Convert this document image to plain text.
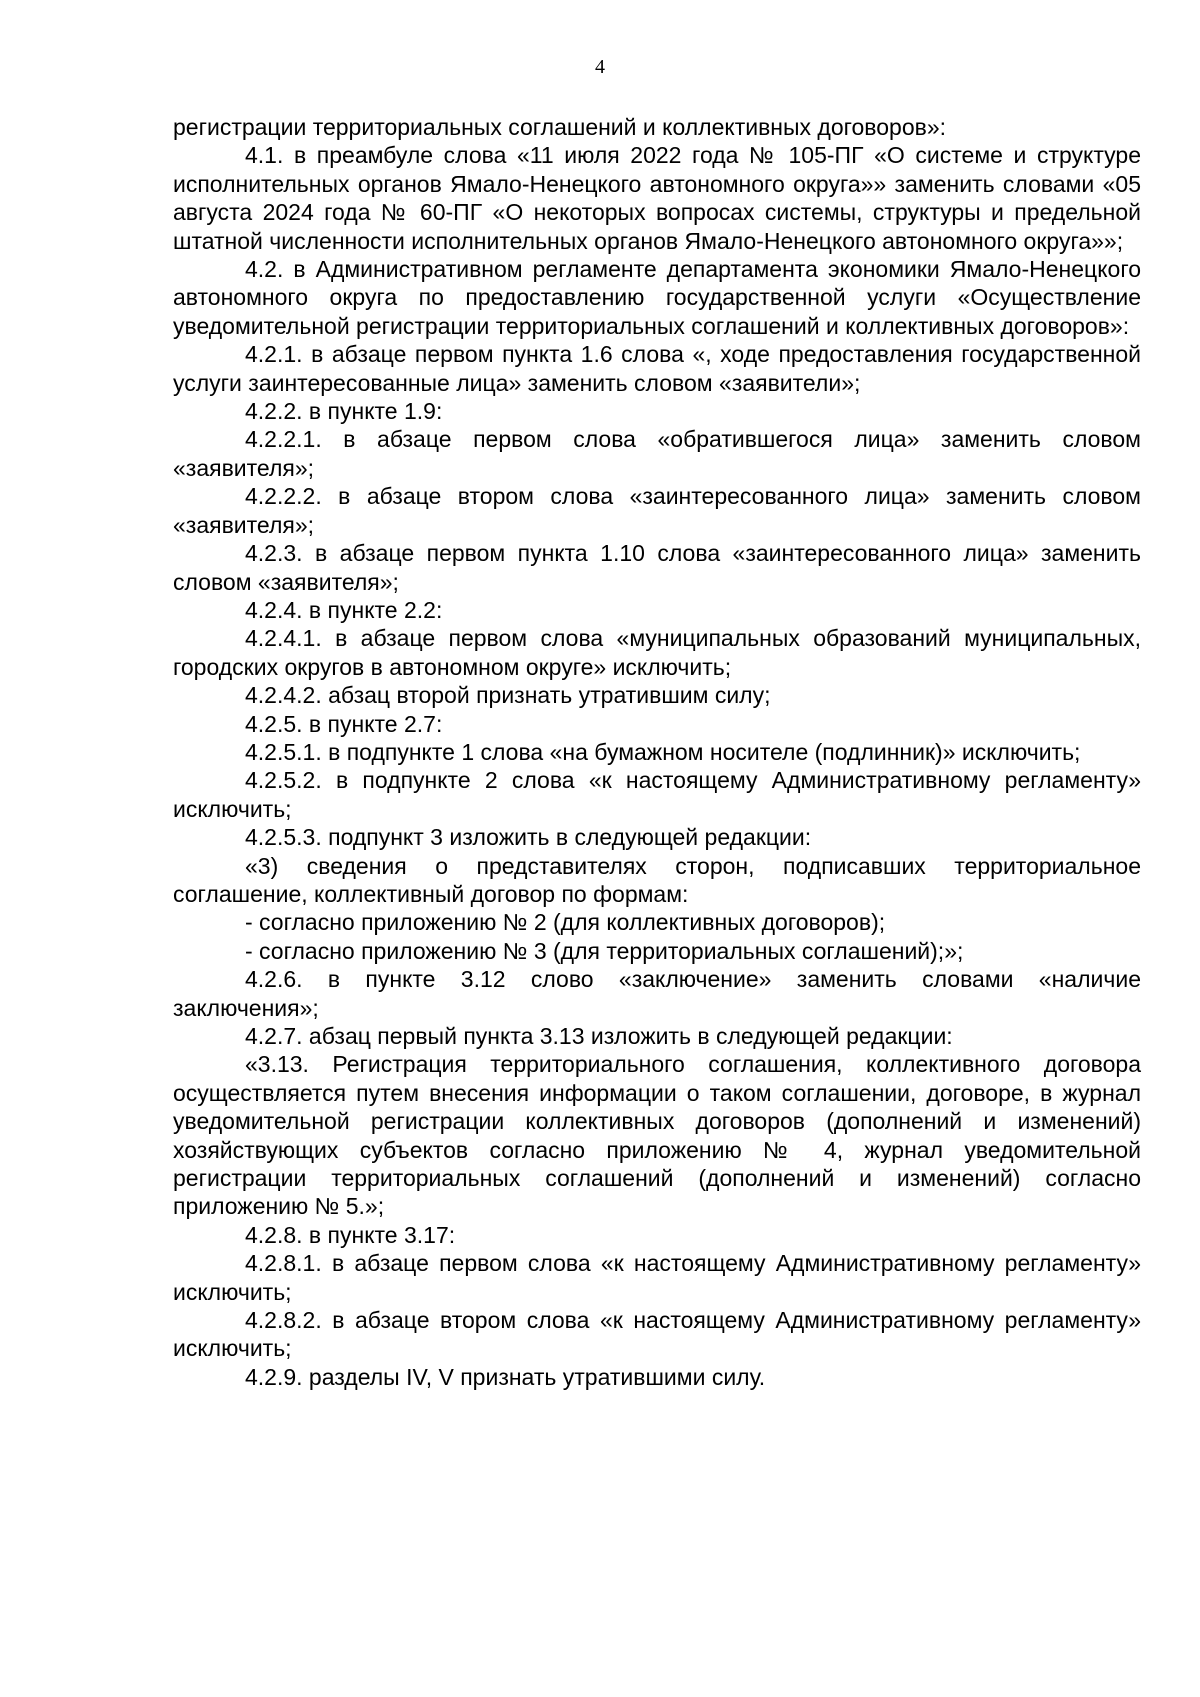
4

регистрации территориальных соглашений и коллективных договоров»:

4.1. в преамбуле слова «11 июля 2022 года № 105-ПГ «О системе и структуре исполнительных органов Ямало-Ненецкого автономного округа»» заменить словами «05 августа 2024 года № 60-ПГ «О некоторых вопросах системы, структуры и предельной штатной численности исполнительных органов Ямало-Ненецкого автономного округа»»;

4.2. в Административном регламенте департамента экономики Ямало-Ненецкого автономного округа по предоставлению государственной услуги «Осуществление уведомительной регистрации территориальных соглашений и коллективных договоров»:

4.2.1. в абзаце первом пункта 1.6 слова «, ходе предоставления государственной услуги заинтересованные лица» заменить словом «заявители»;

4.2.2. в пункте 1.9:

4.2.2.1. в абзаце первом слова «обратившегося лица» заменить словом «заявителя»;

4.2.2.2. в абзаце втором слова «заинтересованного лица» заменить словом «заявителя»;

4.2.3. в абзаце первом пункта 1.10 слова «заинтересованного лица» заменить словом «заявителя»;

4.2.4. в пункте 2.2:

4.2.4.1. в абзаце первом слова «муниципальных образований муниципальных, городских округов в автономном округе» исключить;

4.2.4.2. абзац второй признать утратившим силу;

4.2.5. в пункте 2.7:

4.2.5.1. в подпункте 1 слова «на бумажном носителе (подлинник)» исключить;

4.2.5.2. в подпункте 2 слова «к настоящему Административному регламенту» исключить;

4.2.5.3. подпункт 3 изложить в следующей редакции:

«3) сведения о представителях сторон, подписавших территориальное соглашение, коллективный договор по формам:

- согласно приложению № 2 (для коллективных договоров);

- согласно приложению № 3 (для территориальных соглашений);»;

4.2.6. в пункте 3.12 слово «заключение» заменить словами «наличие заключения»;

4.2.7. абзац первый пункта 3.13 изложить в следующей редакции:

«3.13. Регистрация территориального соглашения, коллективного договора осуществляется путем внесения информации о таком соглашении, договоре, в журнал уведомительной регистрации коллективных договоров (дополнений и изменений) хозяйствующих субъектов согласно приложению № 4, журнал уведомительной регистрации территориальных соглашений (дополнений и изменений) согласно приложению № 5.»;

4.2.8. в пункте 3.17:

4.2.8.1. в абзаце первом слова «к настоящему Административному регламенту» исключить;

4.2.8.2. в абзаце втором слова «к настоящему Административному регламенту» исключить;

4.2.9. разделы IV, V признать утратившими силу.
